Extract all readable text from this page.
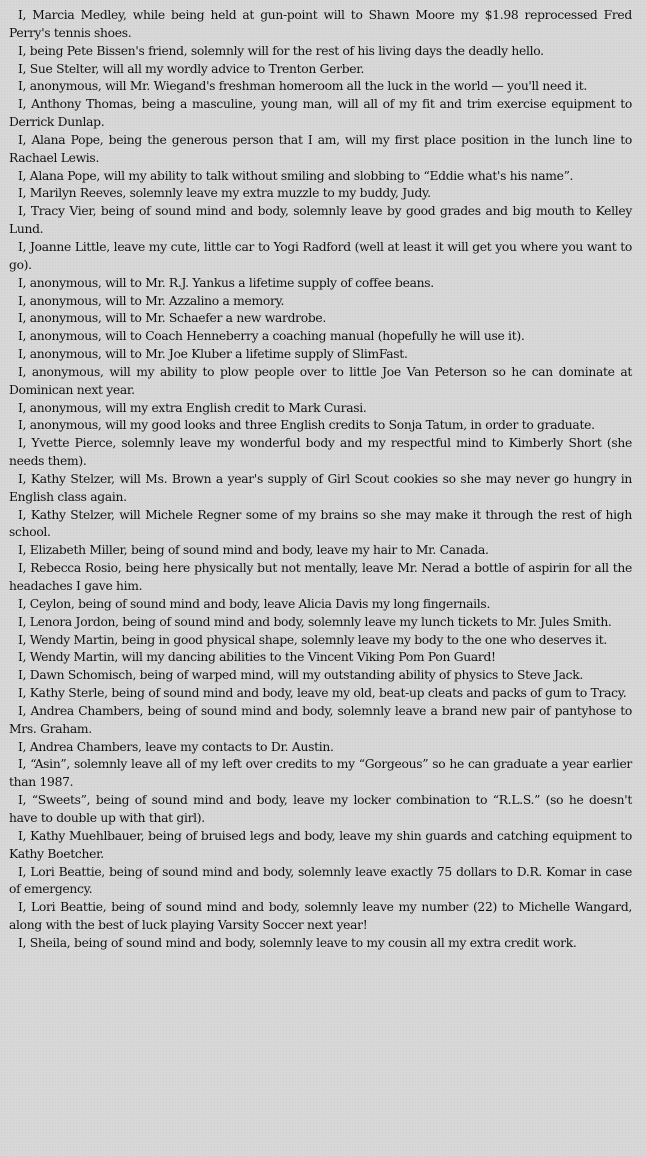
I, Marcia Medley, while being held at gun-point will to Shawn Moore my $1.98 reprocessed Fred Perry's tennis shoes.
I, being Pete Bissen's friend, solemnly will for the rest of his living days the deadly hello.
I, Sue Stelter, will all my wordly advice to Trenton Gerber.
I, anonymous, will Mr. Wiegand's freshman homeroom all the luck in the world — you'll need it.
I, Anthony Thomas, being a masculine, young man, will all of my fit and trim exercise equipment to Derrick Dunlap.
I, Alana Pope, being the generous person that I am, will my first place position in the lunch line to Rachael Lewis.
I, Alana Pope, will my ability to talk without smiling and slobbing to “Eddie what's his name”.
I, Marilyn Reeves, solemnly leave my extra muzzle to my buddy, Judy.
I, Tracy Vier, being of sound mind and body, solemnly leave by good grades and big mouth to Kelley Lund.
I, Joanne Little, leave my cute, little car to Yogi Radford (well at least it will get you where you want to go).
I, anonymous, will to Mr. R.J. Yankus a lifetime supply of coffee beans.
I, anonymous, will to Mr. Azzalino a memory.
I, anonymous, will to Mr. Schaefer a new wardrobe.
I, anonymous, will to Coach Henneberry a coaching manual (hopefully he will use it).
I, anonymous, will to Mr. Joe Kluber a lifetime supply of SlimFast.
I, anonymous, will my ability to plow people over to little Joe Van Peterson so he can dominate at Dominican next year.
I, anonymous, will my extra English credit to Mark Curasi.
I, anonymous, will my good looks and three English credits to Sonja Tatum, in order to graduate.
I, Yvette Pierce, solemnly leave my wonderful body and my respectful mind to Kimberly Short (she needs them).
I, Kathy Stelzer, will Ms. Brown a year's supply of Girl Scout cookies so she may never go hungry in English class again.
I, Kathy Stelzer, will Michele Regner some of my brains so she may make it through the rest of high school.
I, Elizabeth Miller, being of sound mind and body, leave my hair to Mr. Canada.
I, Rebecca Rosio, being here physically but not mentally, leave Mr. Nerad a bottle of aspirin for all the headaches I gave him.
I, Ceylon, being of sound mind and body, leave Alicia Davis my long fingernails.
I, Lenora Jordon, being of sound mind and body, solemnly leave my lunch tickets to Mr. Jules Smith.
I, Wendy Martin, being in good physical shape, solemnly leave my body to the one who deserves it.
I, Wendy Martin, will my dancing abilities to the Vincent Viking Pom Pon Guard!
I, Dawn Schomisch, being of warped mind, will my outstanding ability of physics to Steve Jack.
I, Kathy Sterle, being of sound mind and body, leave my old, beat-up cleats and packs of gum to Tracy.
I, Andrea Chambers, being of sound mind and body, solemnly leave a brand new pair of pantyhose to Mrs. Graham.
I, Andrea Chambers, leave my contacts to Dr. Austin.
I, “Asin”, solemnly leave all of my left over credits to my “Gorgeous” so he can graduate a year earlier than 1987.
I, “Sweets”, being of sound mind and body, leave my locker combination to “R.L.S.” (so he doesn't have to double up with that girl).
I, Kathy Muehlbauer, being of bruised legs and body, leave my shin guards and catching equipment to Kathy Boetcher.
I, Lori Beattie, being of sound mind and body, solemnly leave exactly 75 dollars to D.R. Komar in case of emergency.
I, Lori Beattie, being of sound mind and body, solemnly leave my number (22) to Michelle Wangard, along with the best of luck playing Varsity Soccer next year!
I, Sheila, being of sound mind and body, solemnly leave to my cousin all my extra credit work.
